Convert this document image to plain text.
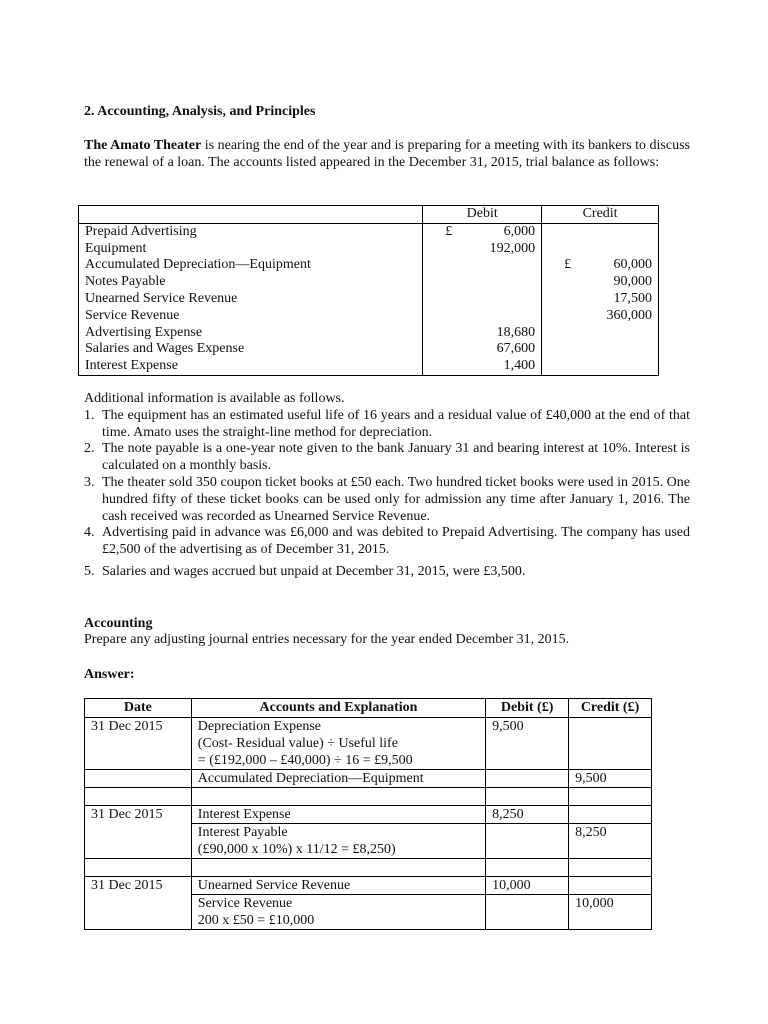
2. Accounting, Analysis, and Principles
The Amato Theater is nearing the end of the year and is preparing for a meeting with its bankers to discuss the renewal of a loan. The accounts listed appeared in the December 31, 2015, trial balance as follows:
	Debit	Credit
Prepaid Advertising	£ 6,000	
Equipment	192,000	
Accumulated Depreciation—Equipment		£ 60,000
Notes Payable		90,000
Unearned Service Revenue		17,500
Service Revenue		360,000
Advertising Expense	18,680	
Salaries and Wages Expense	67,600	
Interest Expense	1,400	
Additional information is available as follows.
1. The equipment has an estimated useful life of 16 years and a residual value of £40,000 at the end of that time. Amato uses the straight-line method for depreciation.
2. The note payable is a one-year note given to the bank January 31 and bearing interest at 10%. Interest is calculated on a monthly basis.
3. The theater sold 350 coupon ticket books at £50 each. Two hundred ticket books were used in 2015. One hundred fifty of these ticket books can be used only for admission any time after January 1, 2016. The cash received was recorded as Unearned Service Revenue.
4. Advertising paid in advance was £6,000 and was debited to Prepaid Advertising. The company has used £2,500 of the advertising as of December 31, 2015.
5. Salaries and wages accrued but unpaid at December 31, 2015, were £3,500.
Accounting
Prepare any adjusting journal entries necessary for the year ended December 31, 2015.
Answer:
Date	Accounts and Explanation	Debit (£)	Credit (£)
31 Dec 2015	Depreciation Expense
(Cost- Residual value) ÷ Useful life
= (£192,000 – £40,000) ÷ 16 = £9,500	9,500	
	Accumulated Depreciation—Equipment		9,500

31 Dec 2015	Interest Expense	8,250	

	Interest Payable
(£90,000 x 10%) x 11/12 = £8,250)		8,250

31 Dec 2015	Unearned Service Revenue	10,000	

	Service Revenue
200 x £50 = £10,000		10,000
